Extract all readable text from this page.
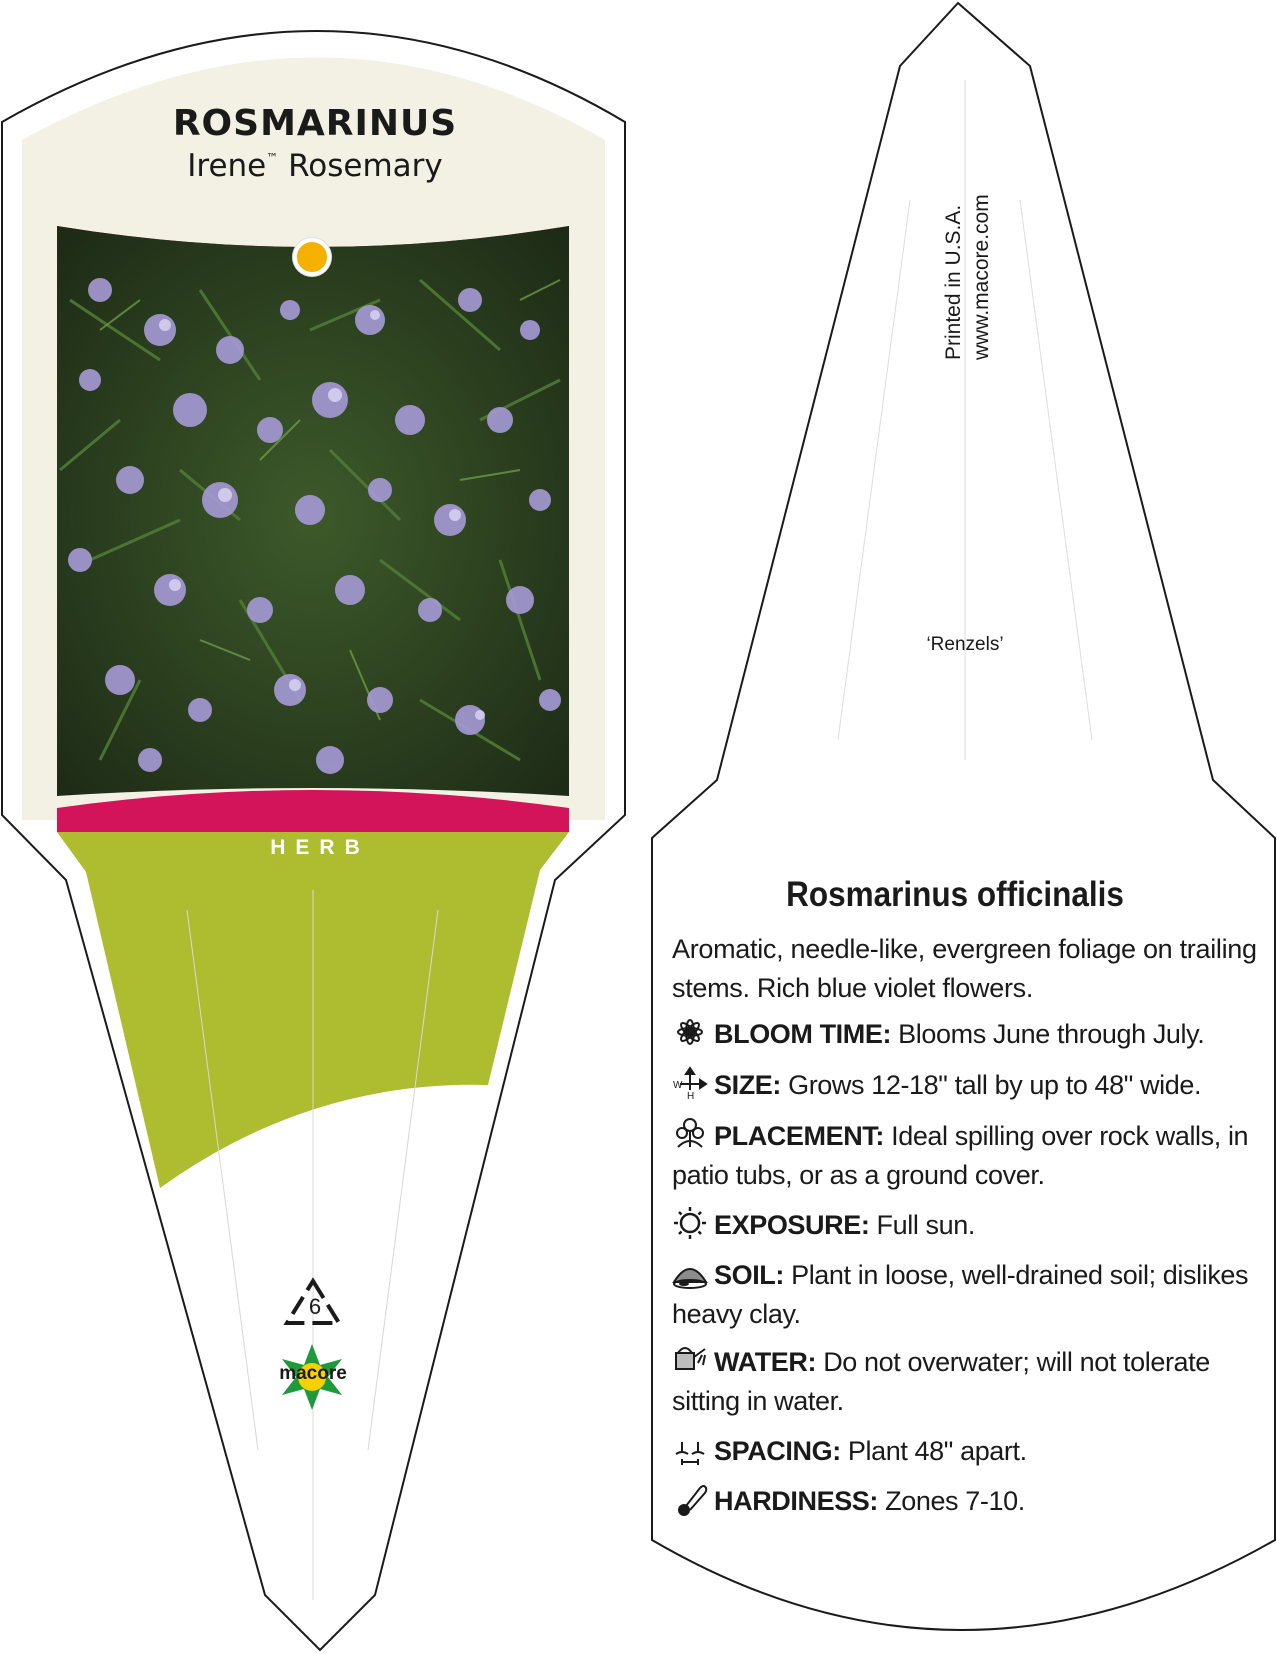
ROSMARINUS
Irene™ Rosemary
HERB
6
macore
Printed in U.S.A. www.macore.com
‘Renzels’
Rosmarinus officinalis
Aromatic, needle-like, evergreen foliage on trailing stems. Rich blue violet flowers.
BLOOM TIME: Blooms June through July.
W
H SIZE: Grows 12-18" tall by up to 48" wide.
PLACEMENT: Ideal spilling over rock walls, in patio tubs, or as a ground cover.
EXPOSURE: Full sun.
SOIL: Plant in loose, well-drained soil; dislikes heavy clay.
WATER: Do not overwater; will not tolerate sitting in water.
SPACING: Plant 48" apart.
HARDINESS: Zones 7-10.
